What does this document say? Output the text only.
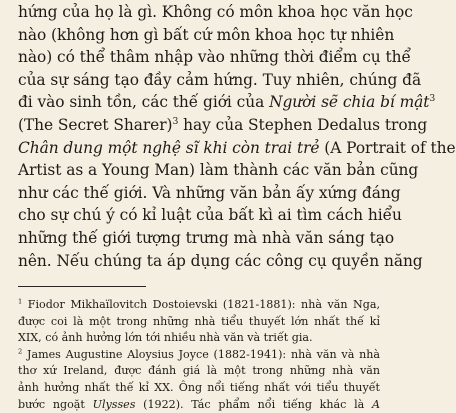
hứng của họ là gì. Không có môn khoa học văn học
nào (không hơn gì bất cứ môn khoa học tự nhiên
nào) có thể thâm nhập vào những thời điểm cụ thể
của sự sáng tạo đầy cảm hứng. Tuy nhiên, chúng đã
đi vào sinh tồn, các thế giới của Người sẽ chia bí mật$^3$
(The Secret Sharer)$^3$ hay của Stephen Dedalus trong
Chân dung một nghệ sĩ khi còn trai trẻ (A Portrait of the
Artist as a Young Man) làm thành các văn bản cũng
như các thế giới. Và những văn bản ấy xứng đáng
cho sự chú ý có kỉ luật của bất kì ai tìm cách hiểu
những thế giới tượng trưng mà nhà văn sáng tạo
nên. Nếu chúng ta áp dụng các công cụ quyền năng
$^1$ Fiodor Mikhaïlovitch Dostoievski (1821-1881): nhà văn Nga,
được coi là một trong những nhà tiểu thuyết lớn nhất thế kỉ
XIX, có ảnh hưởng lớn tới nhiều nhà văn và triết gia.
$^2$ James Augustine Aloysius Joyce (1882-1941): nhà văn và nhà
thơ xứ Ireland, được đánh giá là một trong những nhà văn
ảnh hưởng nhất thế kỉ XX. Ông nổi tiếng nhất với tiểu thuyết
bước ngoặt Ulysses (1922). Tác phẩm nổi tiếng khác là A
